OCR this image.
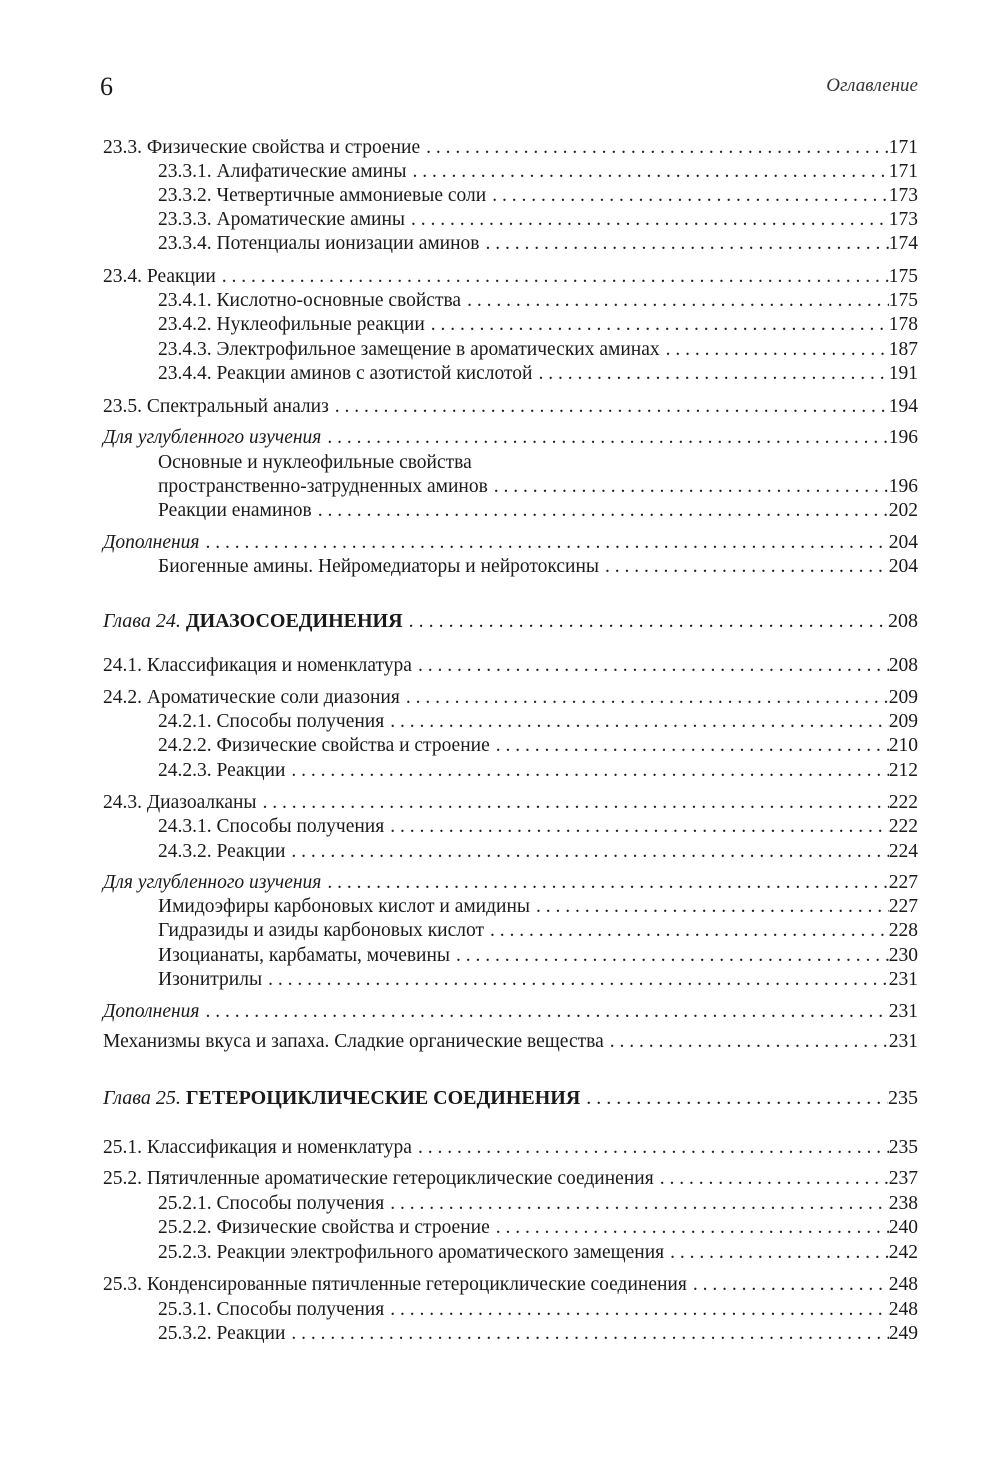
6	Оглавление
23.3. Физические свойства и строение . . .	171
23.3.1. Алифатические амины . . .	171
23.3.2. Четвертичные аммониевые соли . . .	173
23.3.3. Ароматические амины . . .	173
23.3.4. Потенциалы ионизации аминов . . .	174
23.4. Реакции . . .	175
23.4.1. Кислотно-основные свойства . . .	175
23.4.2. Нуклеофильные реакции . . .	178
23.4.3. Электрофильное замещение в ароматических аминах . . .	187
23.4.4. Реакции аминов с азотистой кислотой . . .	191
23.5. Спектральный анализ . . .	194
Для углубленного изучения . . .	196
Основные и нуклеофильные свойства
пространственно-затрудненных аминов . . .	196
Реакции енаминов . . .	202
Дополнения . . .	204
Биогенные амины. Нейромедиаторы и нейротоксины . . .	204
Глава 24. ДИАЗОСОЕДИНЕНИЯ . . .	208
24.1. Классификация и номенклатура . . .	208
24.2. Ароматические соли диазония . . .	209
24.2.1. Способы получения . . .	209
24.2.2. Физические свойства и строение . . .	210
24.2.3. Реакции . . .	212
24.3. Диазоалканы . . .	222
24.3.1. Способы получения . . .	222
24.3.2. Реакции . . .	224
Для углубленного изучения . . .	227
Имидоэфиры карбоновых кислот и амидины . . .	227
Гидразиды и азиды карбоновых кислот . . .	228
Изоцианаты, карбаматы, мочевины . . .	230
Изонитрилы . . .	231
Дополнения . . .	231
Механизмы вкуса и запаха. Сладкие органические вещества . . .	231
Глава 25. ГЕТЕРОЦИКЛИЧЕСКИЕ СОЕДИНЕНИЯ . . .	235
25.1. Классификация и номенклатура . . .	235
25.2. Пятичленные ароматические гетероциклические соединения . . .	237
25.2.1. Способы получения . . .	238
25.2.2. Физические свойства и строение . . .	240
25.2.3. Реакции электрофильного ароматического замещения . . .	242
25.3. Конденсированные пятичленные гетероциклические соединения . . .	248
25.3.1. Способы получения . . .	248
25.3.2. Реакции . . .	249
